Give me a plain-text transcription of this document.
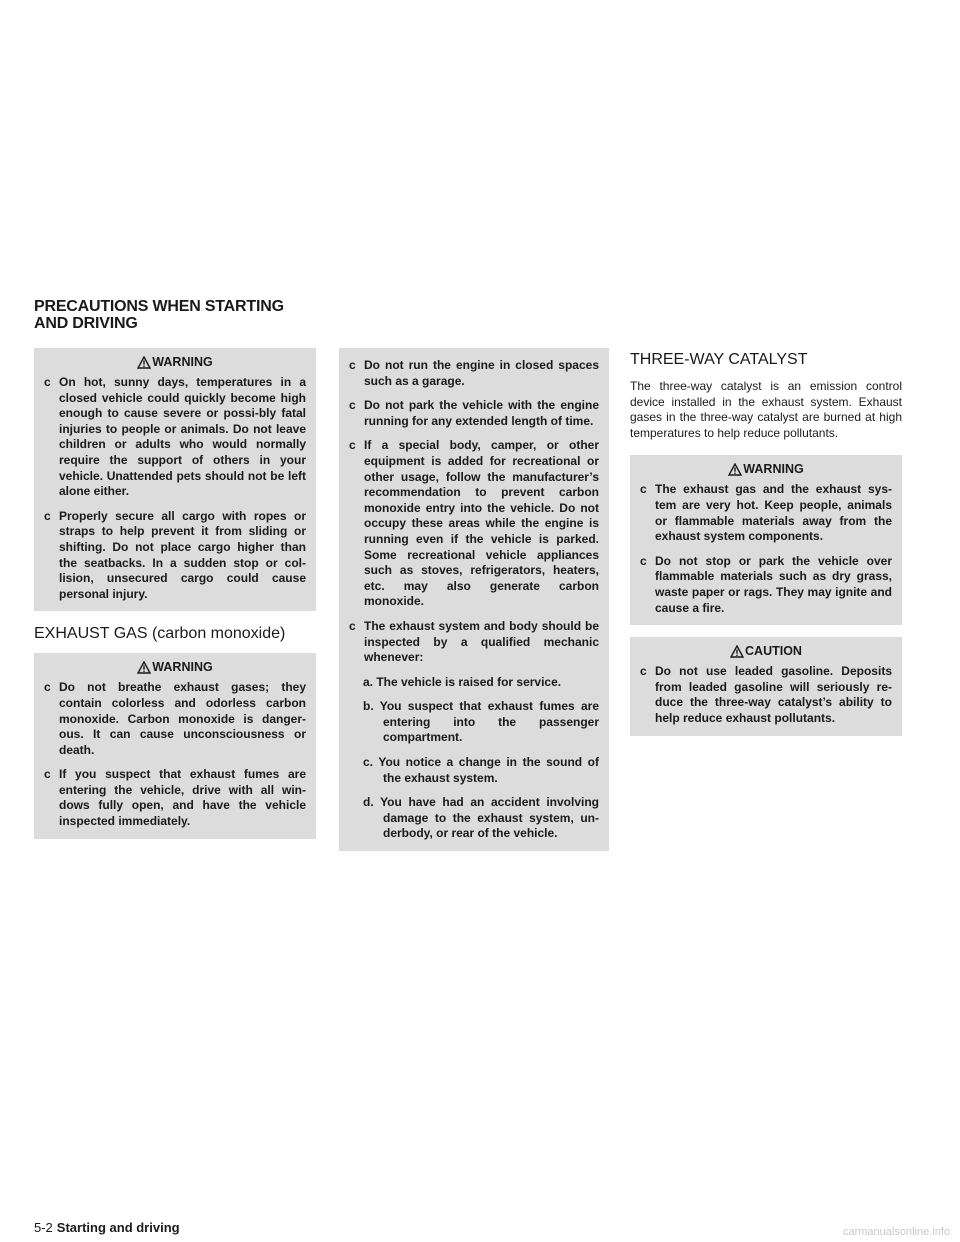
PRECAUTIONS WHEN STARTING
AND DRIVING
WARNING

c On hot, sunny days, temperatures in a closed vehicle could quickly become high enough to cause severe or possi-bly fatal injuries to people or animals. Do not leave children or adults who would normally require the support of others in your vehicle. Unattended pets should not be left alone either.

c Properly secure all cargo with ropes or straps to help prevent it from sliding or shifting. Do not place cargo higher than the seatbacks. In a sudden stop or col-lision, unsecured cargo could cause personal injury.

EXHAUST GAS (carbon monoxide)
WARNING

c Do not breathe exhaust gases; they contain colorless and odorless carbon monoxide. Carbon monoxide is danger-ous. It can cause unconsciousness or death.

c If you suspect that exhaust fumes are entering the vehicle, drive with all win-dows fully open, and have the vehicle inspected immediately.

c Do not run the engine in closed spaces such as a garage.

c Do not park the vehicle with the engine running for any extended length of time.

c If a special body, camper, or other equipment is added for recreational or other usage, follow the manufacturer’s recommendation to prevent carbon monoxide entry into the vehicle. Do not occupy these areas while the engine is running even if the vehicle is parked. Some recreational vehicle appliances such as stoves, refrigerators, heaters, etc. may also generate carbon monoxide.

c The exhaust system and body should be inspected by a qualified mechanic whenever:

a. The vehicle is raised for service.

b. You suspect that exhaust fumes are entering into the passenger compartment.

c. You notice a change in the sound of the exhaust system.

d. You have had an accident involving damage to the exhaust system, un-derbody, or rear of the vehicle.

THREE-WAY CATALYST

The three-way catalyst is an emission control device installed in the exhaust system. Exhaust gases in the three-way catalyst are burned at high temperatures to help reduce pollutants.

WARNING

c The exhaust gas and the exhaust sys-tem are very hot. Keep people, animals or flammable materials away from the exhaust system components.

c Do not stop or park the vehicle over flammable materials such as dry grass, waste paper or rags. They may ignite and cause a fire.

CAUTION

c Do not use leaded gasoline. Deposits from leaded gasoline will seriously re-duce the three-way catalyst’s ability to help reduce exhaust pollutants.

5-2 Starting and driving	carmanualsonline.info
